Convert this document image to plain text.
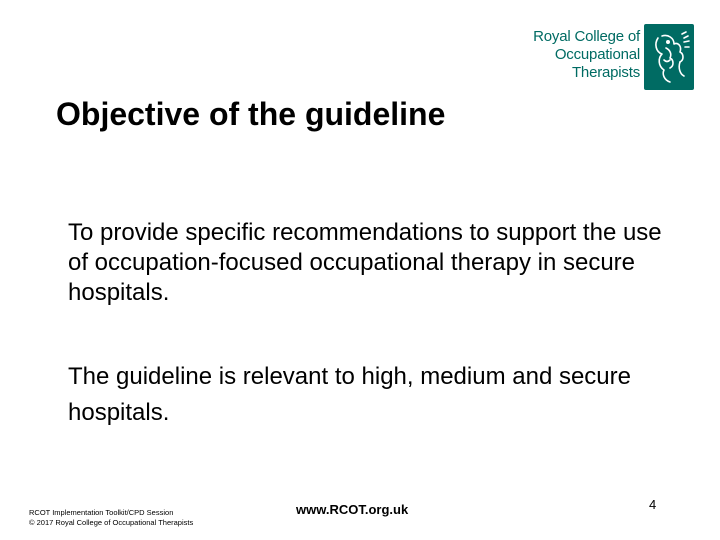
Royal College of
Occupational
Therapists
Objective of the guideline
To provide specific recommendations to support the use of occupation-focused occupational therapy in secure hospitals.
The guideline is relevant to high, medium and secure hospitals.
RCOT Implementation Toolkit/CPD Session
© 2017 Royal College of Occupational Therapists
www.RCOT.org.uk	4
